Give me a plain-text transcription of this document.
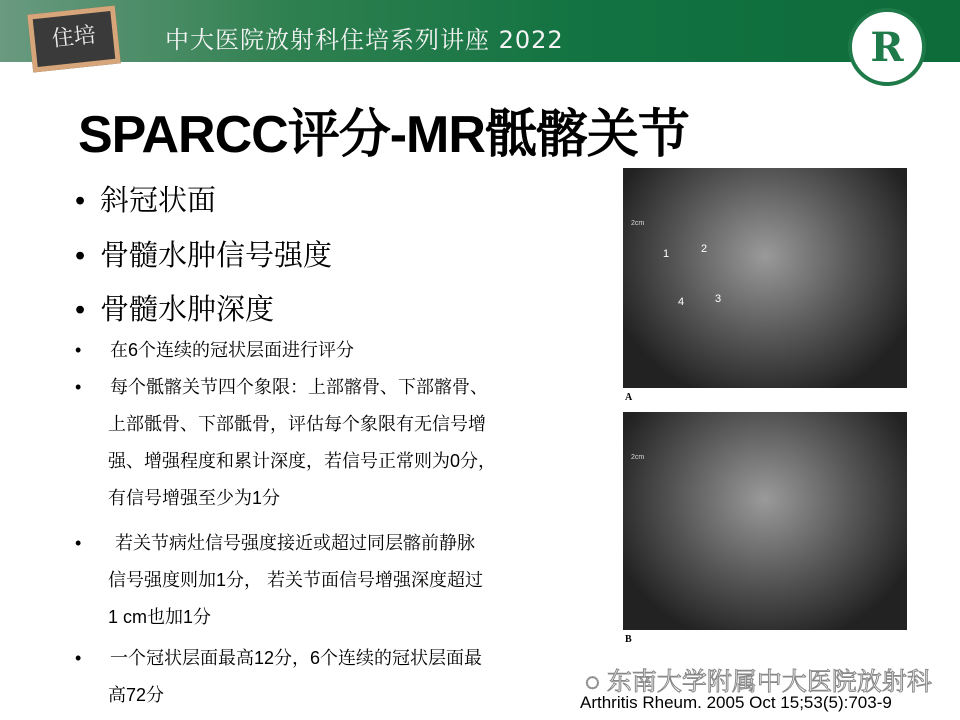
住培	中大医院放射科住培系列讲座 2022	R
SPARCC评分-MR骶髂关节
• 斜冠状面
• 骨髓水肿信号强度
• 骨髓水肿深度
• 在6个连续的冠状层面进行评分
• 每个骶髂关节四个象限：上部髂骨、下部髂骨、
上部骶骨、下部骶骨，评估每个象限有无信号增
强、增强程度和累计深度，若信号正常则为0分，
有信号增强至少为1分
•   若关节病灶信号强度接近或超过同层髂前静脉
信号强度则加1分， 若关节面信号增强深度超过
1 cm也加1分
• 一个冠状层面最高12分，6个连续的冠状层面最
高72分
2cm
1	2
3
4
A
2cm
B
◌ 东南大学附属中大医院放射科
Arthritis Rheum. 2005 Oct 15;53(5):703-9
